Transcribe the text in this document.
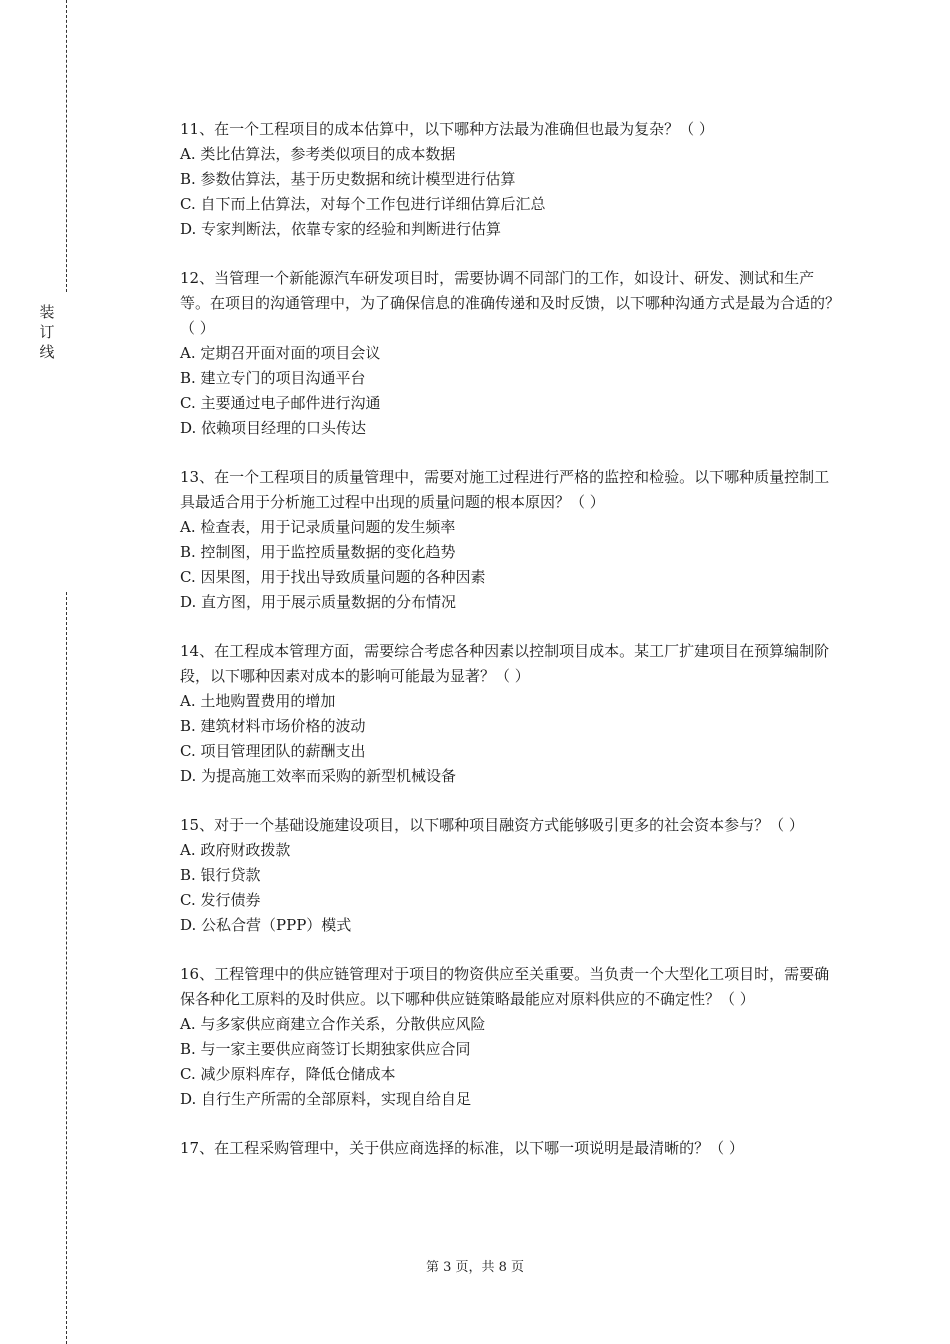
装
订
线

11、在一个工程项目的成本估算中，以下哪种方法最为准确但也最为复杂？（ ）

A. 类比估算法，参考类似项目的成本数据

B. 参数估算法，基于历史数据和统计模型进行估算

C. 自下而上估算法，对每个工作包进行详细估算后汇总

D. 专家判断法，依靠专家的经验和判断进行估算

12、当管理一个新能源汽车研发项目时，需要协调不同部门的工作，如设计、研发、测试和生产等。在项目的沟通管理中，为了确保信息的准确传递和及时反馈，以下哪种沟通方式是最为合适的？（ ）

A. 定期召开面对面的项目会议

B. 建立专门的项目沟通平台

C. 主要通过电子邮件进行沟通

D. 依赖项目经理的口头传达

13、在一个工程项目的质量管理中，需要对施工过程进行严格的监控和检验。以下哪种质量控制工具最适合用于分析施工过程中出现的质量问题的根本原因？（ ）

A. 检查表，用于记录质量问题的发生频率

B. 控制图，用于监控质量数据的变化趋势

C. 因果图，用于找出导致质量问题的各种因素

D. 直方图，用于展示质量数据的分布情况

14、在工程成本管理方面，需要综合考虑各种因素以控制项目成本。某工厂扩建项目在预算编制阶段，以下哪种因素对成本的影响可能最为显著？（ ）

A. 土地购置费用的增加

B. 建筑材料市场价格的波动

C. 项目管理团队的薪酬支出

D. 为提高施工效率而采购的新型机械设备

15、对于一个基础设施建设项目，以下哪种项目融资方式能够吸引更多的社会资本参与？（ ）

A. 政府财政拨款

B. 银行贷款

C. 发行债券

D. 公私合营（PPP）模式

16、工程管理中的供应链管理对于项目的物资供应至关重要。当负责一个大型化工项目时，需要确保各种化工原料的及时供应。以下哪种供应链策略最能应对原料供应的不确定性？（ ）

A. 与多家供应商建立合作关系，分散供应风险

B. 与一家主要供应商签订长期独家供应合同

C. 减少原料库存，降低仓储成本

D. 自行生产所需的全部原料，实现自给自足

17、在工程采购管理中，关于供应商选择的标准，以下哪一项说明是最清晰的？（ ）

第 3 页，共 8 页
